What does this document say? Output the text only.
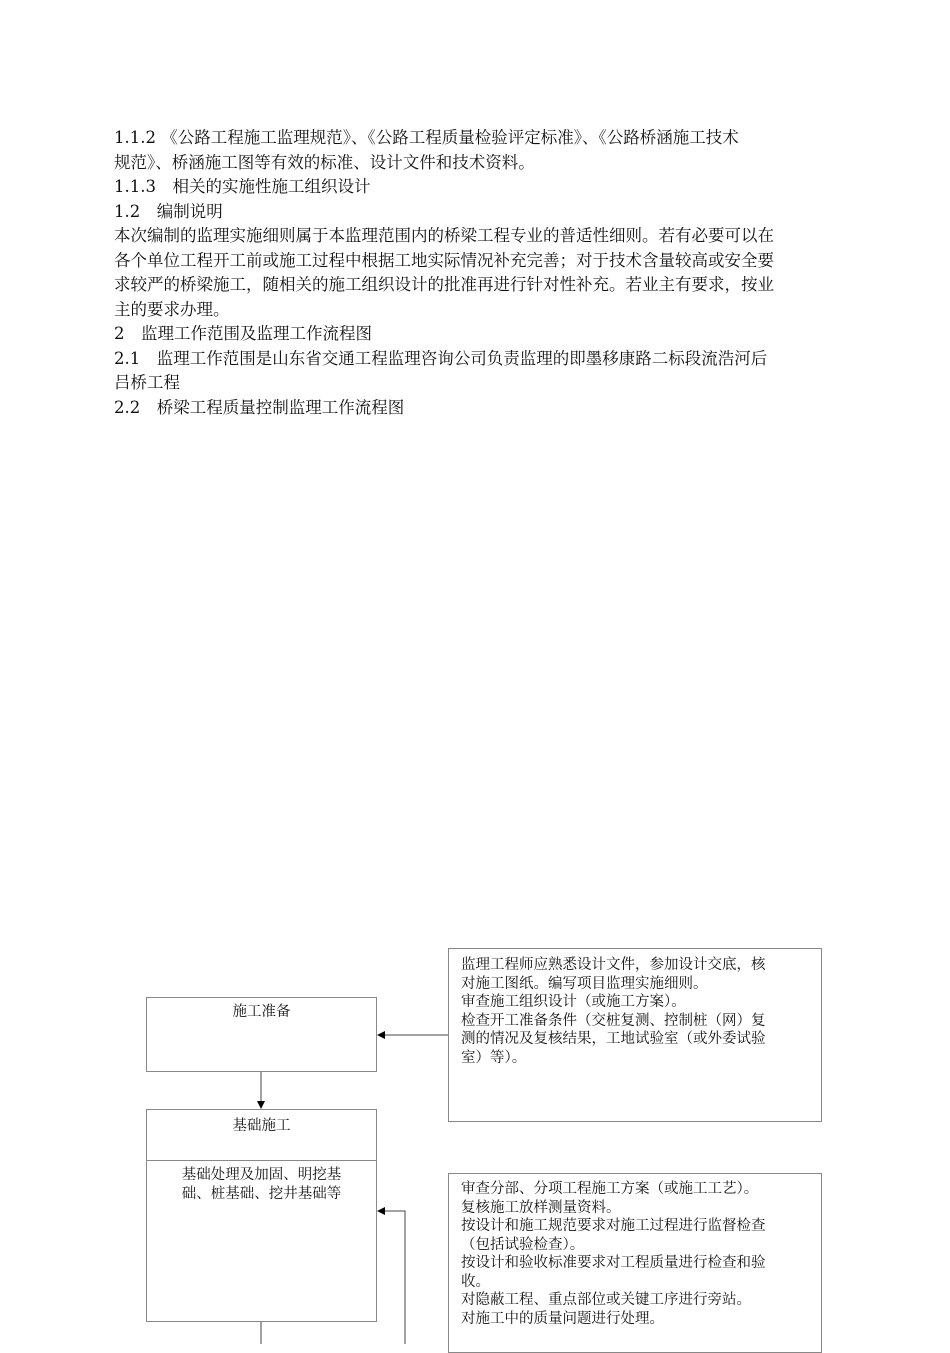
1.1.2 《公路工程施工监理规范》、《公路工程质量检验评定标准》、《公路桥涵施工技术
规范》、桥涵施工图等有效的标准、设计文件和技术资料。
1.1.3　相关的实施性施工组织设计
1.2　编制说明
本次编制的监理实施细则属于本监理范围内的桥梁工程专业的普适性细则。若有必要可以在
各个单位工程开工前或施工过程中根据工地实际情况补充完善；对于技术含量较高或安全要
求较严的桥梁施工，随相关的施工组织设计的批准再进行针对性补充。若业主有要求，按业
主的要求办理。
2　监理工作范围及监理工作流程图
2.1　监理工作范围是山东省交通工程监理咨询公司负责监理的即墨移康路二标段流浩河后
吕桥工程
2.2　桥梁工程质量控制监理工作流程图
施工准备
基础施工
基础处理及加固、明挖基
础、桩基础、挖井基础等
监理工程师应熟悉设计文件，参加设计交底，核
对施工图纸。编写项目监理实施细则。
审查施工组织设计（或施工方案）。
检查开工准备条件（交桩复测、控制桩（网）复
测的情况及复核结果，工地试验室（或外委试验
室）等）。
审查分部、分项工程施工方案（或施工工艺）。
复核施工放样测量资料。
按设计和施工规范要求对施工过程进行监督检查
（包括试验检查）。
按设计和验收标准要求对工程质量进行检查和验
收。
对隐蔽工程、重点部位或关键工序进行旁站。
对施工中的质量问题进行处理。
